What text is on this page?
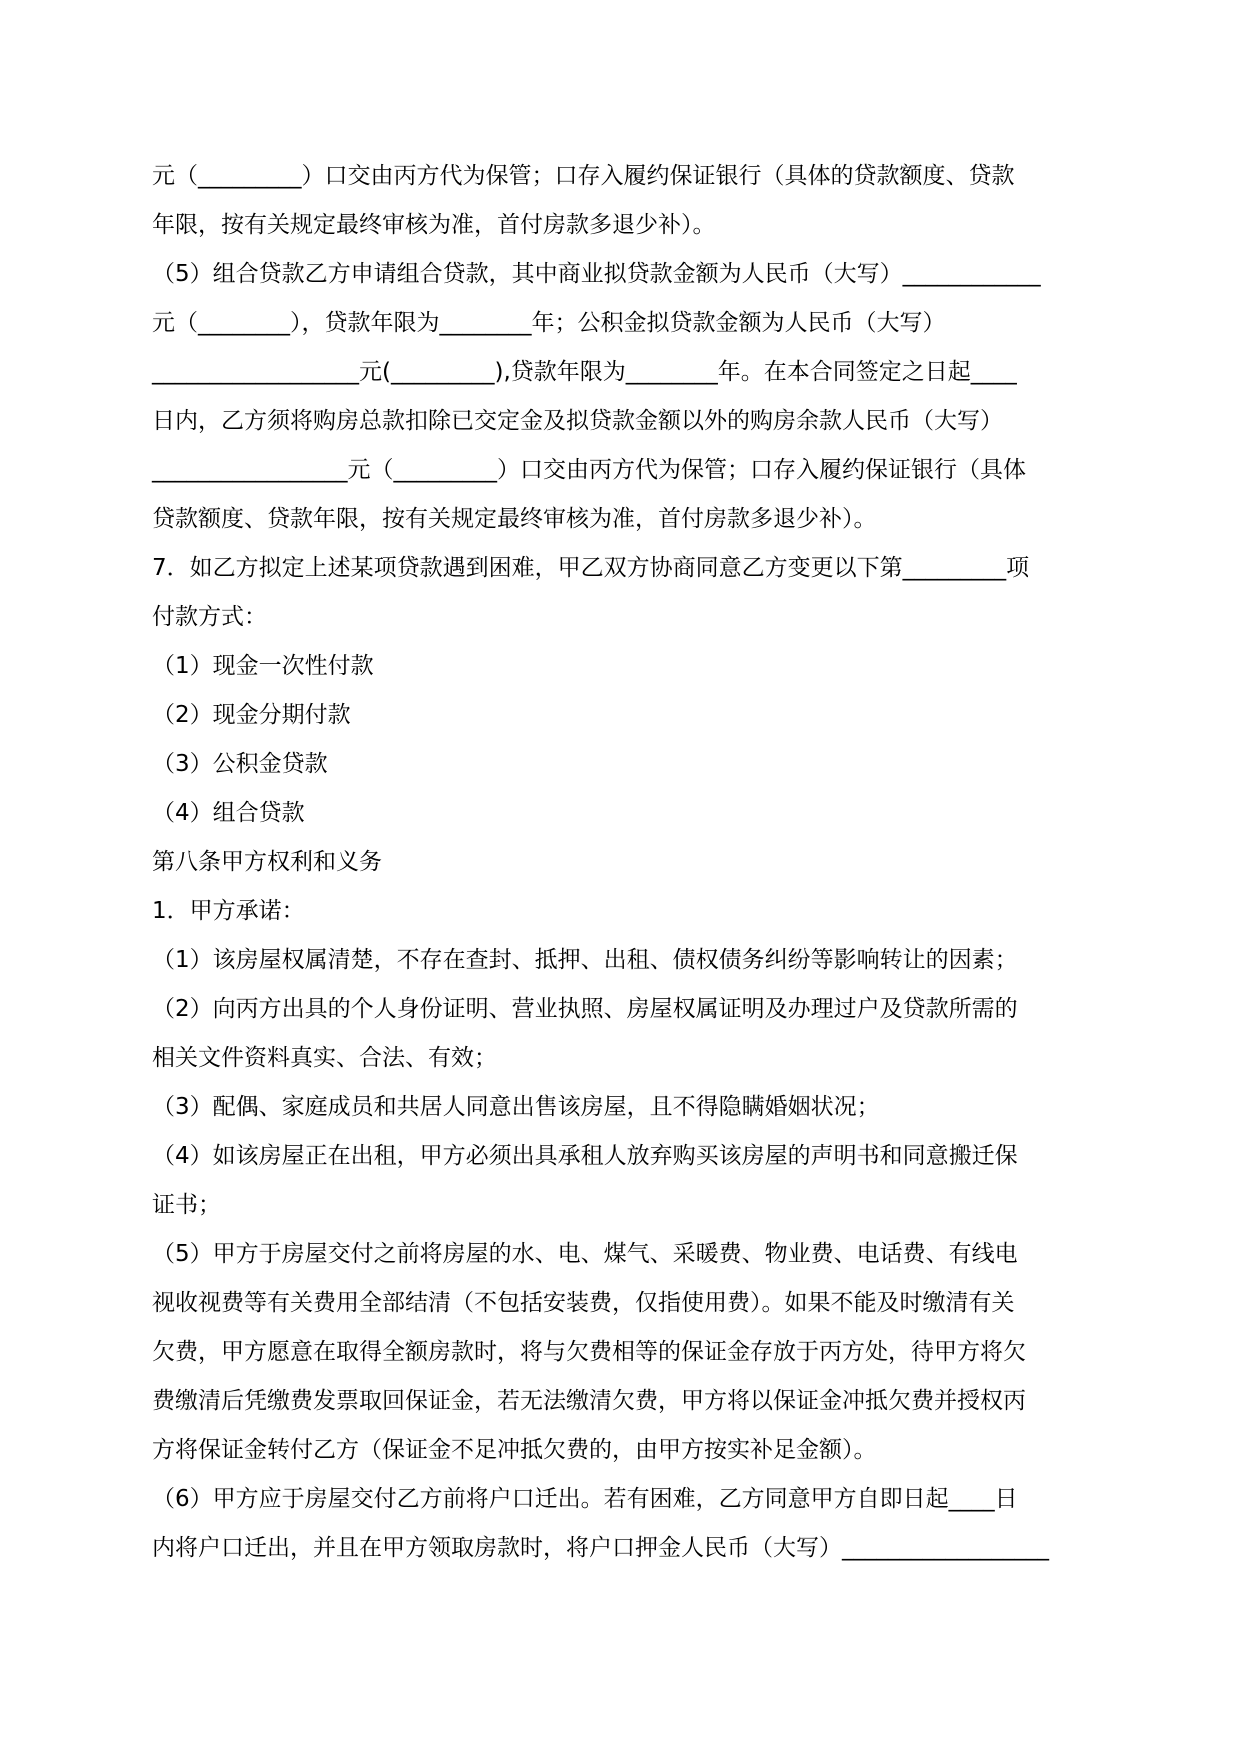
元（_________）口交由丙方代为保管；口存入履约保证银行（具体的贷款额度、贷款
年限，按有关规定最终审核为准，首付房款多退少补）。
（5）组合贷款乙方申请组合贷款，其中商业拟贷款金额为人民币（大写）____________
元（________），贷款年限为________年；公积金拟贷款金额为人民币（大写）
__________________元(_________),贷款年限为________年。在本合同签定之日起____
日内，乙方须将购房总款扣除已交定金及拟贷款金额以外的购房余款人民币（大写）
_________________元（_________）口交由丙方代为保管；口存入履约保证银行（具体
贷款额度、贷款年限，按有关规定最终审核为准，首付房款多退少补）。
7．如乙方拟定上述某项贷款遇到困难，甲乙双方协商同意乙方变更以下第_________项
付款方式：
（1）现金一次性付款
（2）现金分期付款
（3）公积金贷款
（4）组合贷款
第八条甲方权利和义务
1．甲方承诺：
（1）该房屋权属清楚，不存在查封、抵押、出租、债权债务纠纷等影响转让的因素；
（2）向丙方出具的个人身份证明、营业执照、房屋权属证明及办理过户及贷款所需的
相关文件资料真实、合法、有效；
（3）配偶、家庭成员和共居人同意出售该房屋，且不得隐瞒婚姻状况；
（4）如该房屋正在出租，甲方必须出具承租人放弃购买该房屋的声明书和同意搬迁保
证书；
（5）甲方于房屋交付之前将房屋的水、电、煤气、采暖费、物业费、电话费、有线电
视收视费等有关费用全部结清（不包括安装费，仅指使用费）。如果不能及时缴清有关
欠费，甲方愿意在取得全额房款时，将与欠费相等的保证金存放于丙方处，待甲方将欠
费缴清后凭缴费发票取回保证金，若无法缴清欠费，甲方将以保证金冲抵欠费并授权丙
方将保证金转付乙方（保证金不足冲抵欠费的，由甲方按实补足金额）。
（6）甲方应于房屋交付乙方前将户口迁出。若有困难，乙方同意甲方自即日起____日
内将户口迁出，并且在甲方领取房款时，将户口押金人民币（大写）__________________
